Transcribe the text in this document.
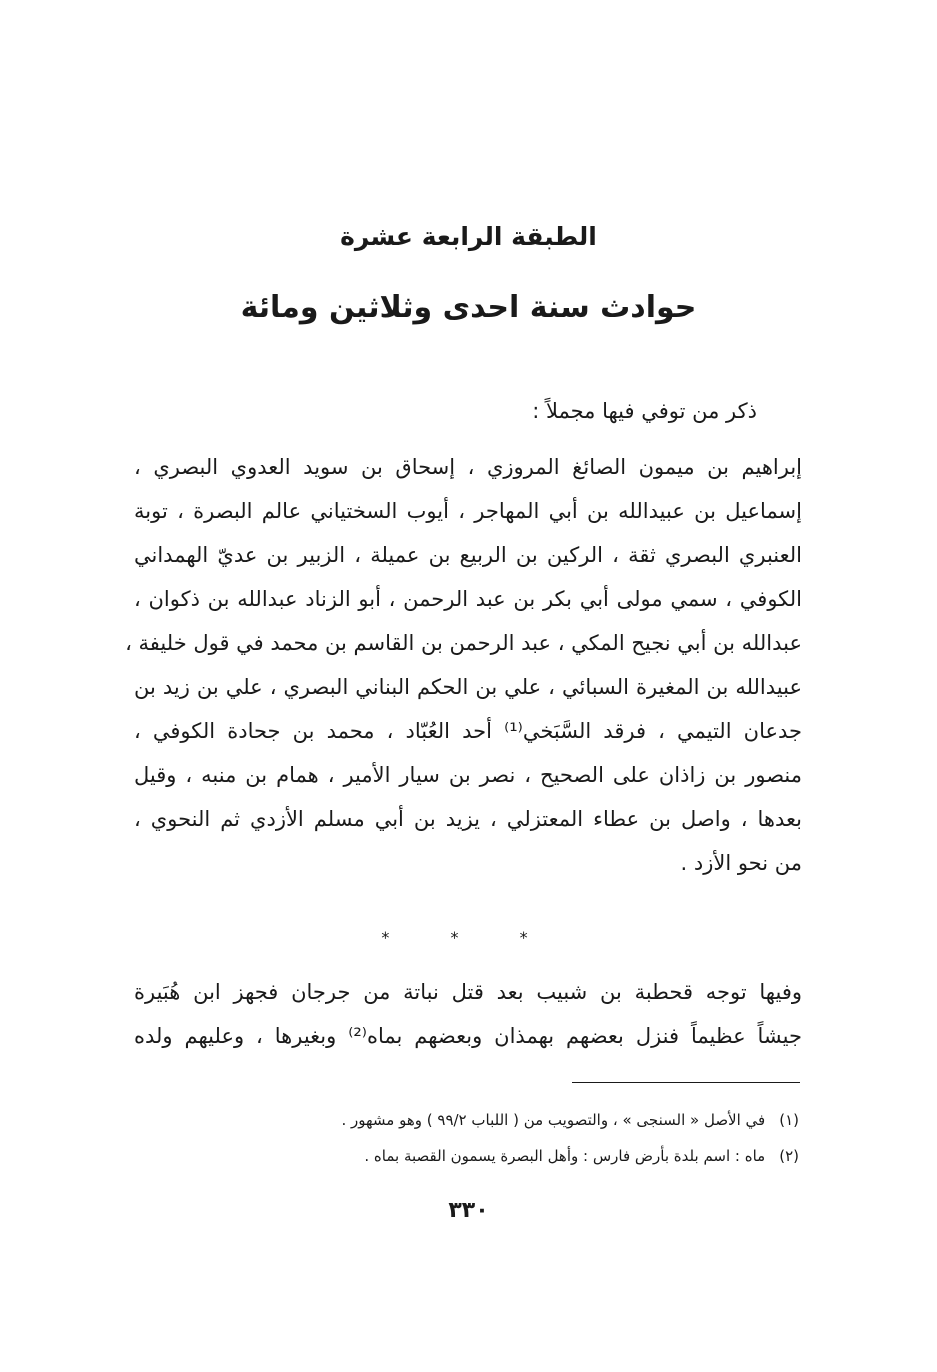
الطبقة الرابعة عشرة
حوادث سنة احدى وثلاثين ومائة
ذكر من توفي فيها مجملاً :
إبراهيم بن ميمون الصائغ المروزي ، إسحاق بن سويد العدوي البصري ،
إسماعيل بن عبيدالله بن أبي المهاجر ، أيوب السختياني عالم البصرة ، توبة
العنبري البصري ثقة ، الركين بن الربيع بن عميلة ، الزبير بن عديّ الهمداني
الكوفي ، سمي مولى أبي بكر بن عبد الرحمن ، أبو الزناد عبدالله بن ذكوان ،
عبدالله بن أبي نجيح المكي ، عبد الرحمن بن القاسم بن محمد في قول خليفة ،
عبيدالله بن المغيرة السبائي ، علي بن الحكم البناني البصري ، علي بن زيد بن
جدعان التيمي ، فرقد السَّبَخي⁽¹⁾ أحد العُبّاد ، محمد بن جحادة الكوفي ،
منصور بن زاذان على الصحيح ، نصر بن سيار الأمير ، همام بن منبه ، وقيل
بعدها ، واصل بن عطاء المعتزلي ، يزيد بن أبي مسلم الأزدي ثم النحوي ،
من نحو الأزد .
* * *
وفيها توجه قحطبة بن شبيب بعد قتل نباتة من جرجان فجهز ابن هُبَيرة
جيشاً عظيماً فنزل بعضهم بهمذان وبعضهم بماه⁽²⁾ وبغيرها ، وعليهم ولده
(١)في الأصل « السنجى » ، والتصويب من ( اللباب ٩٩/٢ ) وهو مشهور .
(٢)ماه : اسم بلدة بأرض فارس : وأهل البصرة يسمون القصبة بماه .
٣٣٠
